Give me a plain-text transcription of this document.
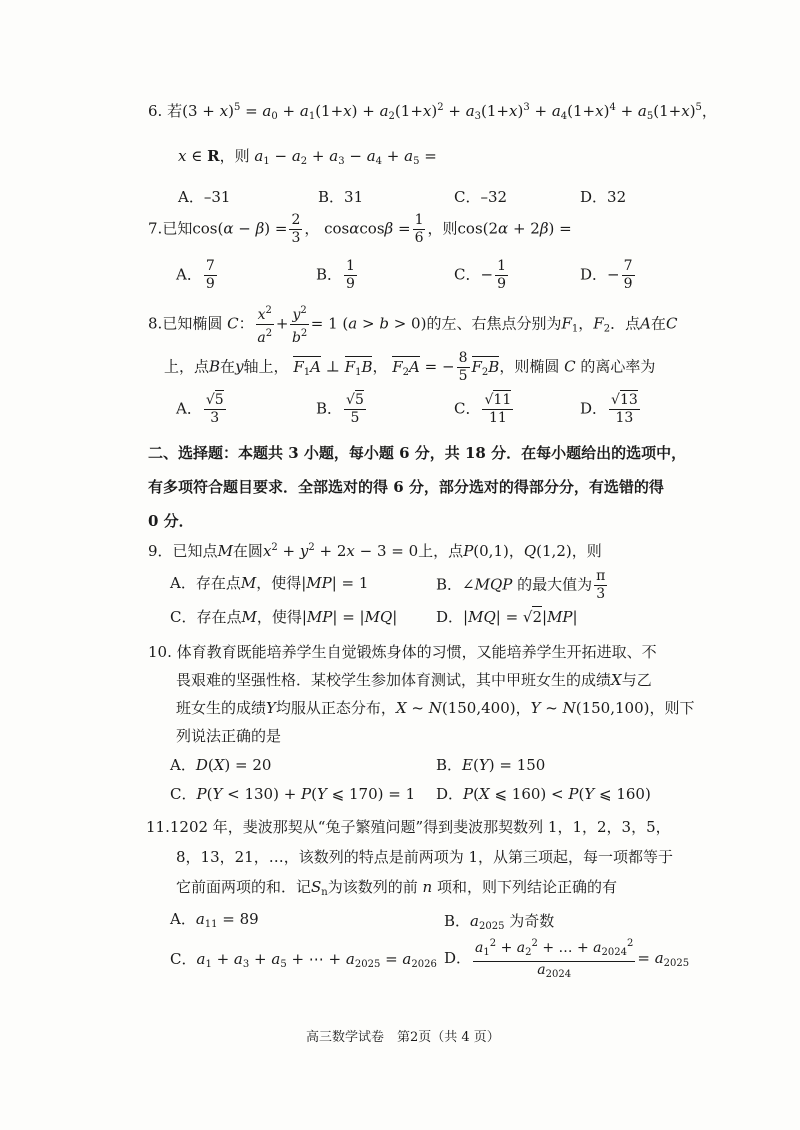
6. 若$(3 + x)^5 = a_0 + a_1(1+x) + a_2(1+x)^2 + a_3(1+x)^3 + a_4(1+x)^4 + a_5(1+x)^5$，
x ∈ R，则 $a_1 - a_2 + a_3 - a_4 + a_5$ =
A．–31	B．31	C．–32	D．32
7.已知$\cos(\alpha - \beta) = \frac{2}{3}$ ， $\cos\alpha\cos\beta = \frac{1}{6}$ ，则cos(2α + 2β) =
A． $\frac{7}{9}$	B． $\frac{1}{9}$	C．− $\frac{1}{9}$	D．− $\frac{7}{9}$
8.已知椭圆 C： $\frac{x^2}{a^2} + \frac{y^2}{b^2} = 1$ (a > b > 0)的左、右焦点分别为$F_1$，$F_2$．点A在C
上，点B在y轴上， $F_1A$ ⊥ $F_1B$， $F_2A$ = − $\frac{8}{5} F_2B$，则椭圆 C 的离心率为
A． $\frac{√5}{3}$	B． $\frac{√5}{5}$	C． $\frac{√11}{11}$	D． $\frac{√13}{13}$
二、选择题：本题共 3 小题，每小题 6 分，共 18 分．在每小题给出的选项中，
有多项符合题目要求．全部选对的得 6 分，部分选对的得部分分，有选错的得
0 分．
9．已知点M在圆$x^2 + y^2 + 2x - 3 = 0$上，点P(0,1)，Q(1,2)，则
A．存在点M，使得|MP| = 1	B．∠MQP 的最大值为 $\frac{\pi}{3}$
C．存在点M，使得|MP| = |MQ|	D．|MQ| = √2|MP|
10. 体育教育既能培养学生自觉锻炼身体的习惯，又能培养学生开拓进取、不
畏艰难的坚强性格．某校学生参加体育测试，其中甲班女生的成绩X与乙
班女生的成绩Y均服从正态分布，X ~ N(150,400)，Y ~ N(150,100)，则下
列说法正确的是
A．D(X) = 20	B．E(Y) = 150
C．P(Y < 130) + P(Y ⩽ 170) = 1 D．P(X ⩽ 160) < P(Y ⩽ 160)
11.1202 年，斐波那契从“兔子繁殖问题”得到斐波那契数列 1，1，2，3，5，
8，13，21，…，该数列的特点是前两项为 1，从第三项起，每一项都等于
它前面两项的和．记$S_n$为该数列的前 n 项和，则下列结论正确的有
A．$a_{11} = 89$	B．$a_{2025}$ 为奇数
C．$a_1 + a_3 + a_5$ + ⋯ + $a_{2025} = a_{2026}$ D． $\frac{a_1^2 + a_2^2 + \dots + a_{2024}^2}{a_{2024}} = a_{2025}$
高三数学试卷　第2页（共 4 页）
